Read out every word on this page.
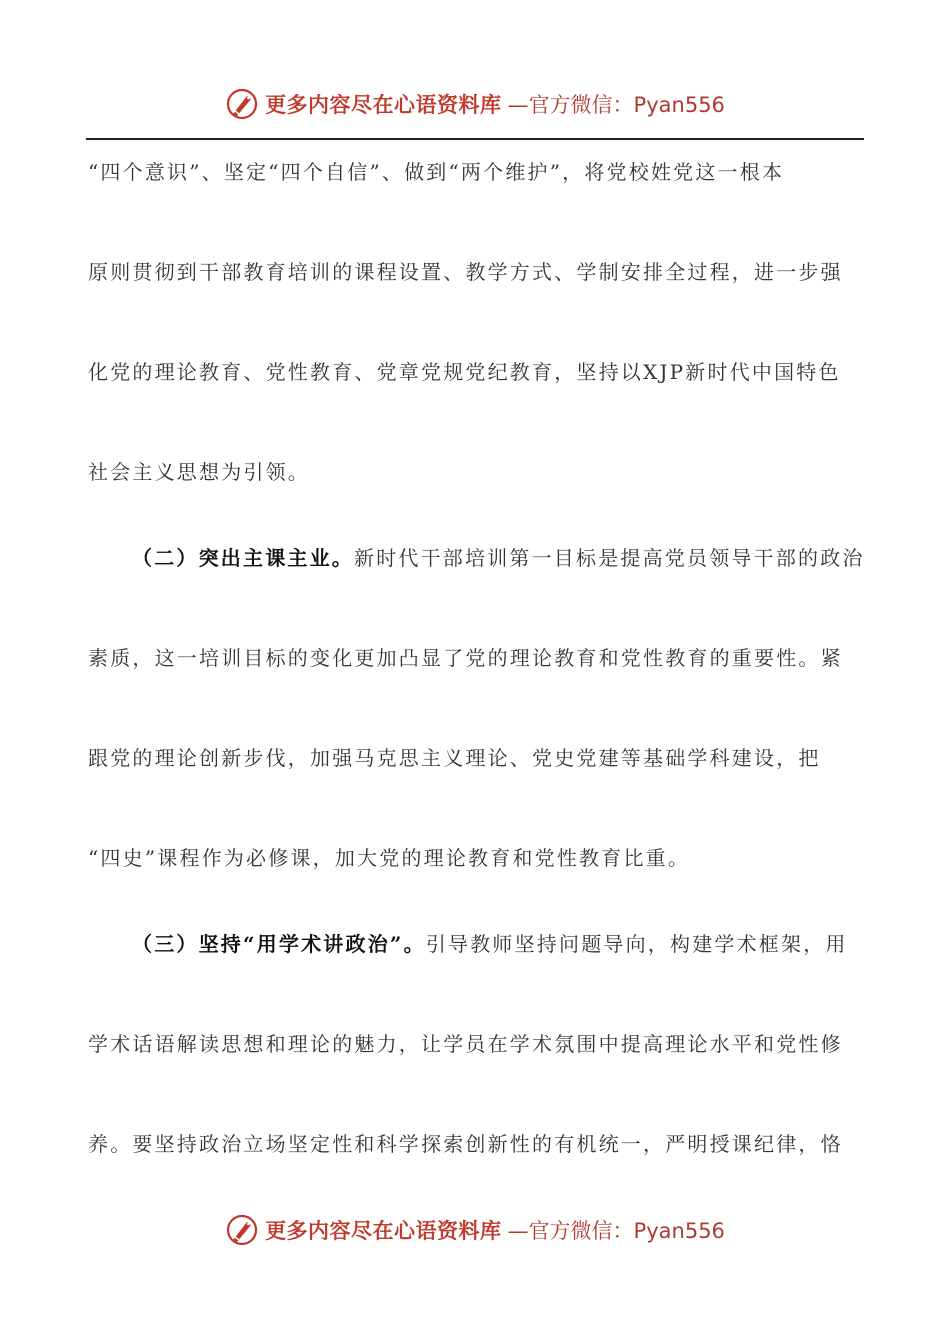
更多内容尽在心语资料库 —官方微信：Pyan556
“四个意识”、坚定“四个自信”、做到“两个维护”，将党校姓党这一根本
原则贯彻到干部教育培训的课程设置、教学方式、学制安排全过程，进一步强
化党的理论教育、党性教育、党章党规党纪教育，坚持以XJP新时代中国特色
社会主义思想为引领。
（二）突出主课主业。新时代干部培训第一目标是提高党员领导干部的政治
素质，这一培训目标的变化更加凸显了党的理论教育和党性教育的重要性。紧
跟党的理论创新步伐，加强马克思主义理论、党史党建等基础学科建设，把
“四史”课程作为必修课，加大党的理论教育和党性教育比重。
（三）坚持“用学术讲政治”。引导教师坚持问题导向，构建学术框架，用
学术话语解读思想和理论的魅力，让学员在学术氛围中提高理论水平和党性修
养。要坚持政治立场坚定性和科学探索创新性的有机统一，严明授课纪律，恪
更多内容尽在心语资料库 —官方微信：Pyan556
